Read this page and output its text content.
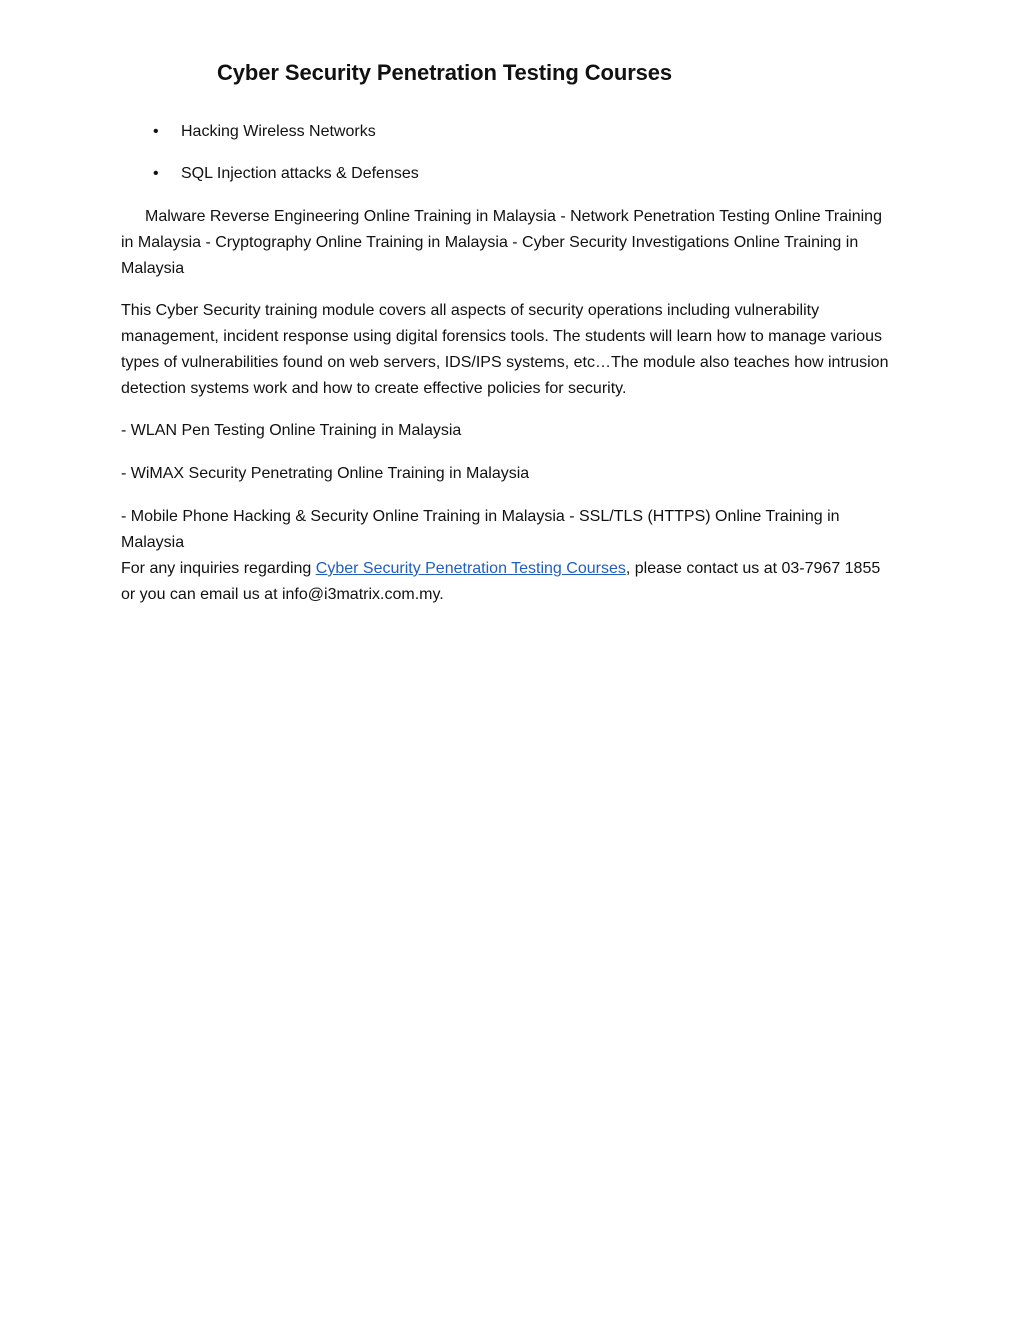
Cyber Security Penetration Testing Courses
• Hacking Wireless Networks
• SQL Injection attacks & Defenses

Malware Reverse Engineering Online Training in Malaysia - Network Penetration Testing Online Training in Malaysia - Cryptography Online Training in Malaysia - Cyber Security Investigations Online Training in Malaysia

This Cyber Security training module covers all aspects of security operations including vulnerability management, incident response using digital forensics tools. The students will learn how to manage various types of vulnerabilities found on web servers, IDS/IPS systems, etc…The module also teaches how intrusion detection systems work and how to create effective policies for security.

- WLAN Pen Testing Online Training in Malaysia

- WiMAX Security Penetrating Online Training in Malaysia

- Mobile Phone Hacking & Security Online Training in Malaysia - SSL/TLS (HTTPS) Online Training in Malaysia
For any inquiries regarding Cyber Security Penetration Testing Courses, please contact us at 03-7967 1855 or you can email us at info@i3matrix.com.my.
